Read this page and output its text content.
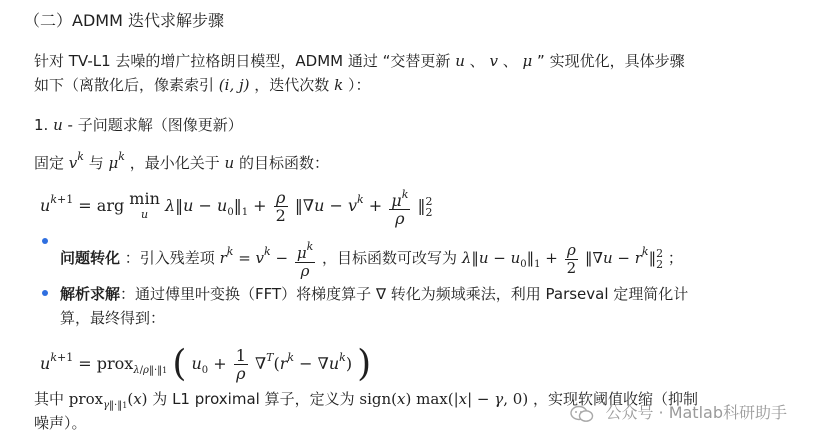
（二）ADMM 迭代求解步骤
针对 TV-L1 去噪的增广拉格朗日模型，ADMM 通过 “交替更新 u 、 v 、 μ ” 实现优化，具体步骤
如下（离散化后，像素索引 (i, j) ，迭代次数 k ）：
1. u - 子问题求解（图像更新）
固定 $v^k$ 与 $\mu^k$ ，最小化关于 u 的目标函数：
$u^{k+1}$ = arg min
u λ‖u − $u_0‖_1 + \frac{\rho}{2}$ ‖∇u − $v^k + \frac{\mu^k}{\rho}$ ‖2
2
问题转化 ：引入残差项 $r^k = v^k - \frac{\mu^k}{\rho}$ ，目标函数可改写为 λ‖u − $u_0‖_1 + \frac{\rho}{2}$ ‖∇u − $r^k‖2$
2 ；
解析求解：通过傅里叶变换（FFT）将梯度算子 ∇ 转化为频域乘法，利用 Parseval 定理简化计
算，最终得到：
$u^{k+1}$ = prox$_{\lambda/\rho‖\cdot‖1}$ ( $u_0 + \frac{1}{\rho} \nabla^T(r^k - \nabla u^k)$ )
其中 prox$_{\gamma‖\cdot‖1}$(x) 为 L1 proximal 算子，定义为 sign(x) max(|x| − γ, 0) ，实现软阈值收缩（抑制
噪声）。
公众号 · Matlab科研助手
